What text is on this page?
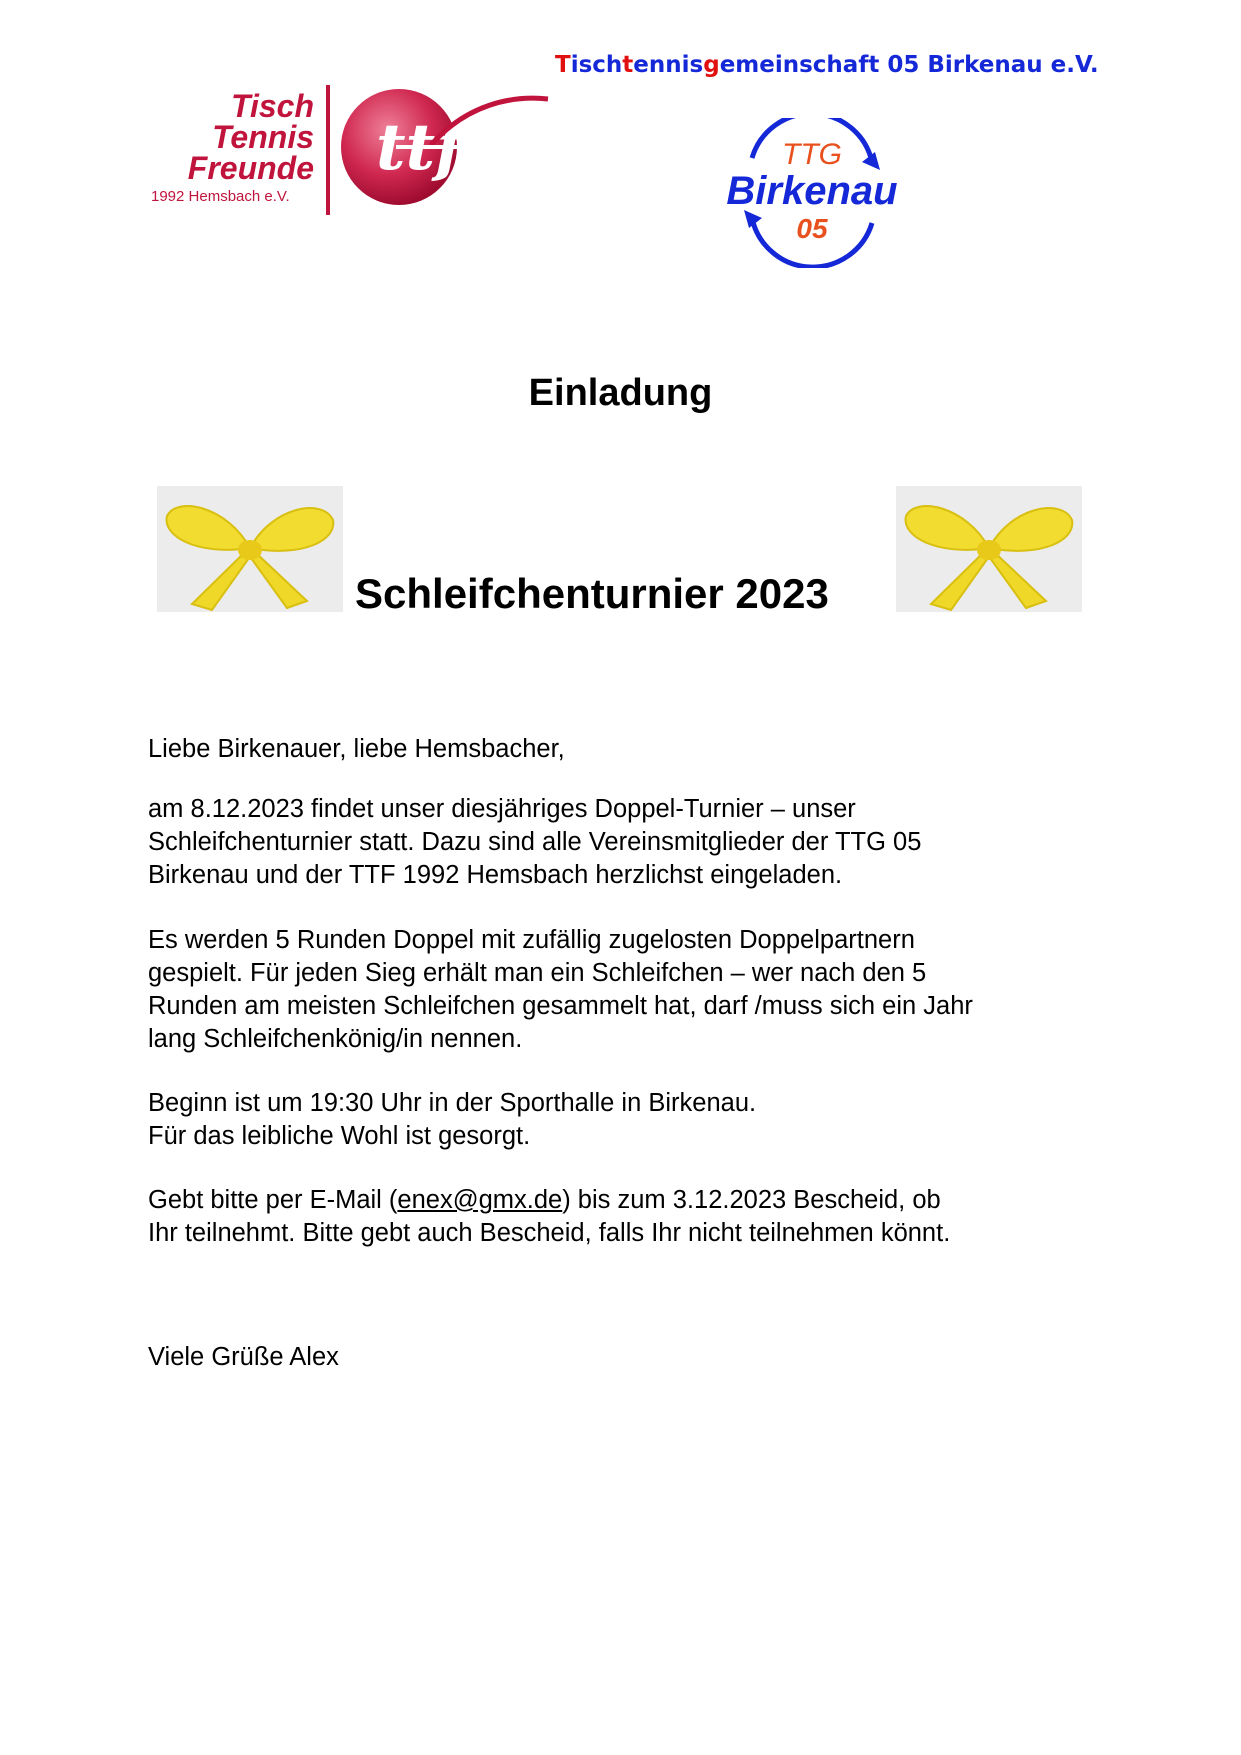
Tischtennisgemeinschaft 05 Birkenau e.V.
Tisch
Tennis
Freunde
1992 Hemsbach e.V.
ttf	TTG
Birkenau
05
Einladung
Schleifchenturnier 2023

Liebe Birkenauer, liebe Hemsbacher,

am 8.12.2023 findet unser diesjähriges Doppel-Turnier – unser

Schleifchenturnier statt. Dazu sind alle Vereinsmitglieder der TTG 05

Birkenau und der TTF 1992 Hemsbach herzlichst eingeladen.

Es werden 5 Runden Doppel mit zufällig zugelosten Doppelpartnern

gespielt. Für jeden Sieg erhält man ein Schleifchen – wer nach den 5

Runden am meisten Schleifchen gesammelt hat, darf /muss sich ein Jahr

lang Schleifchenkönig/in nennen.

Beginn ist um 19:30 Uhr in der Sporthalle in Birkenau.

Für das leibliche Wohl ist gesorgt.

Gebt bitte per E-Mail (enex@gmx.de) bis zum 3.12.2023 Bescheid, ob

Ihr teilnehmt. Bitte gebt auch Bescheid, falls Ihr nicht teilnehmen könnt.

Viele Grüße Alex
